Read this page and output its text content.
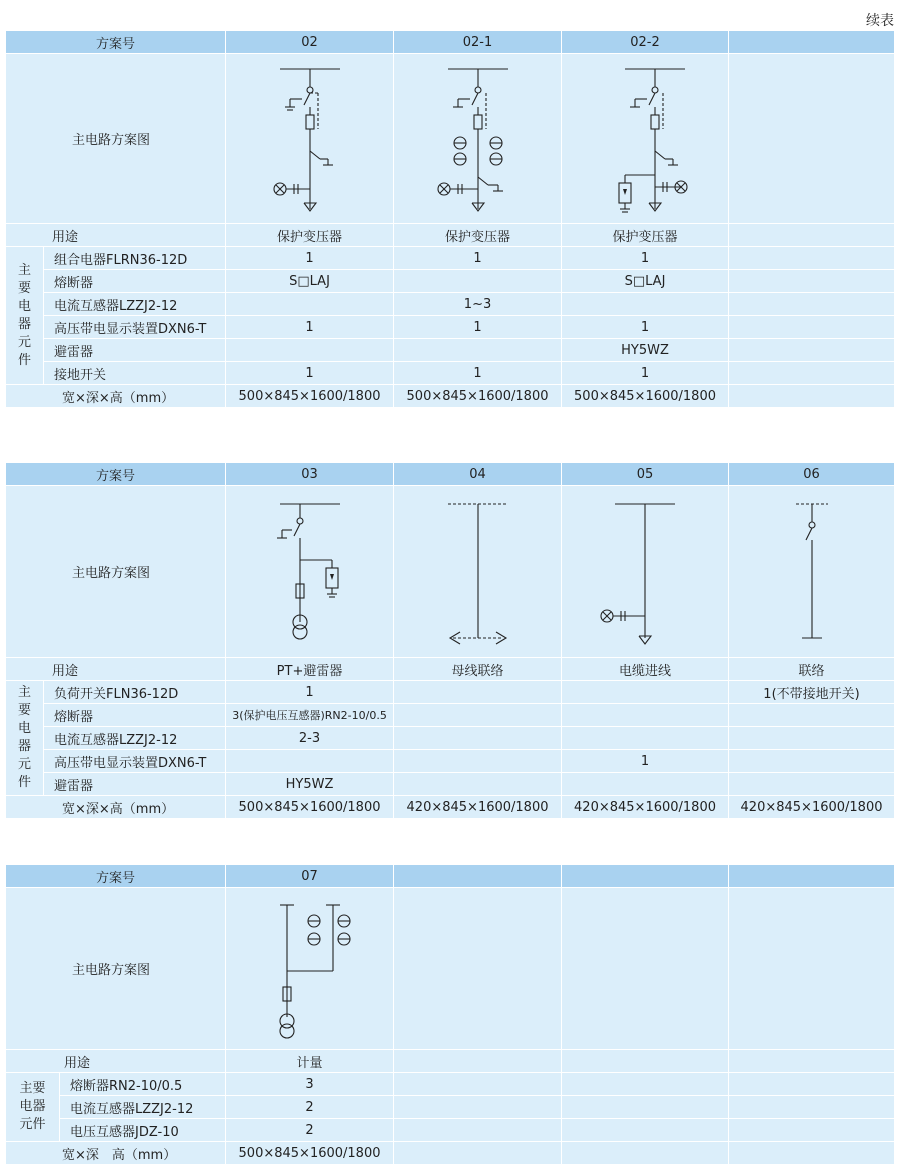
续表
方案号		02	02-1	02-2	
主电路方案图	

用途		保护变压器	保护变压器	保护变压器	

主要电器元件	组合电器FLRN36-12D	1	1	1	
	熔断器	S□LAJ		S□LAJ	
	电流互感器LZZJ2-12		1~3		
	高压带电显示装置DXN6-T	1	1	1	
	避雷器			HY5WZ	
	接地开关	1	1	1	
宽×深×高（mm）		500×845×1600/1800	500×845×1600/1800	500×845×1600/1800	
方案号		03	04	05	06
主电路方案图	

用途		PT+避雷器	母线联络	电缆进线	联络

主要电器元件	负荷开关FLN36-12D	1			1(不带接地开关)
	熔断器	3(保护电压互感器)RN2-10/0.5			
	电流互感器LZZJ2-12	2-3			
	高压带电显示装置DXN6-T			1	
	避雷器	HY5WZ			
宽×深×高（mm）		500×845×1600/1800	420×845×1600/1800	420×845×1600/1800	420×845×1600/1800
方案号		07			
主电路方案图	

用途		计量			

主要电器元件	熔断器RN2-10/0.5	3			
	电流互感器LZZJ2-12	2			
	电压互感器JDZ-10	2			
宽×深　高（mm）		500×845×1600/1800			
